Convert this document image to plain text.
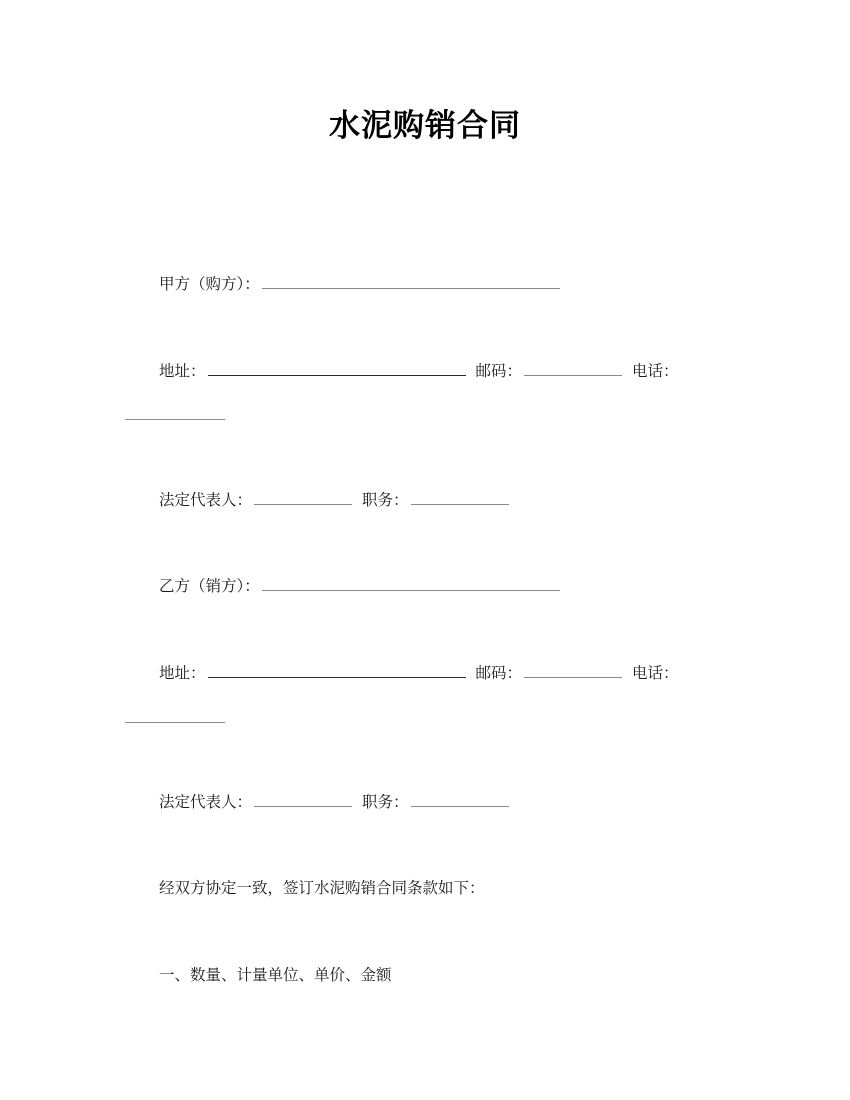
水泥购销合同
甲方（购方）：
地址：	邮码：	电话：
法定代表人：	职务：
乙方（销方）：
地址：	邮码：	电话：
法定代表人：	职务：
经双方协定一致，签订水泥购销合同条款如下：
一、数量、计量单位、单价、金额
